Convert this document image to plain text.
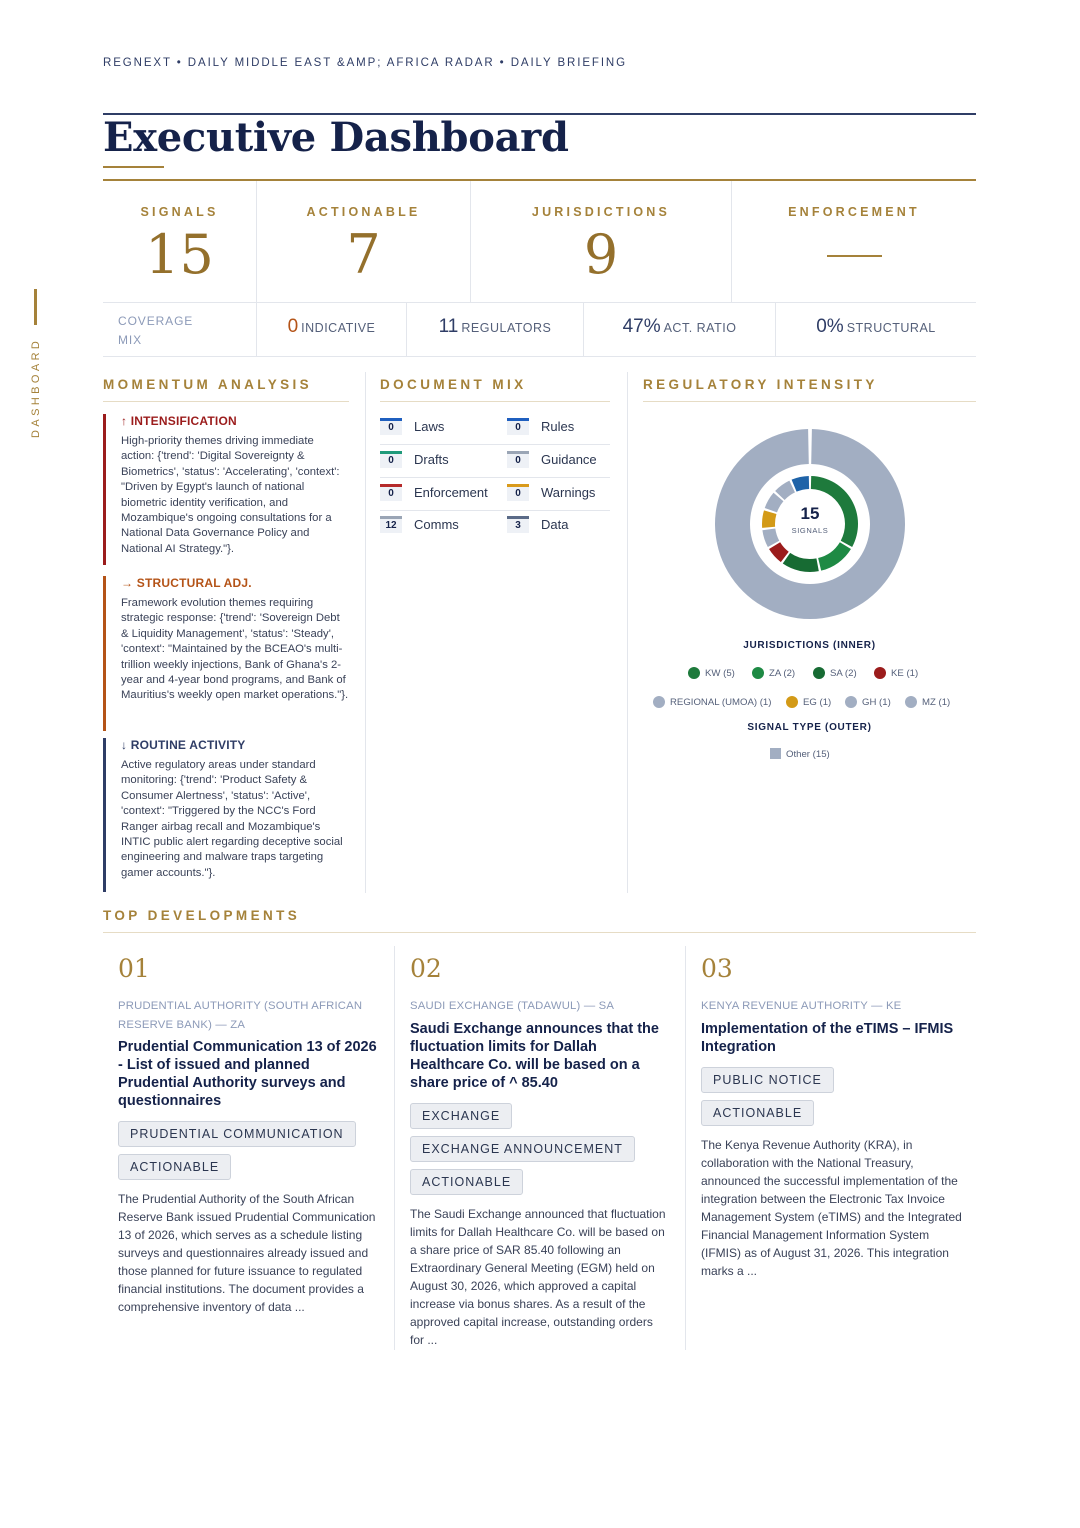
REGNEXT • DAILY MIDDLE EAST &AMP; AFRICA RADAR • DAILY BRIEFING
Executive Dashboard
DASHBOARD
SIGNALS
15
ACTIONABLE
7
JURISDICTIONS
9
ENFORCEMENT
COVERAGE MIX
0 INDICATIVE	11 REGULATORS	47% ACT. RATIO	0% STRUCTURAL
MOMENTUM ANALYSIS
↑ INTENSIFICATION
High-priority themes driving immediate action: {'trend': 'Digital Sovereignty & Biometrics', 'status': 'Accelerating', 'context': "Driven by Egypt's launch of national biometric identity verification, and Mozambique's ongoing consultations for a National Data Governance Policy and National AI Strategy."}.
→ STRUCTURAL ADJ.
Framework evolution themes requiring strategic response: {'trend': 'Sovereign Debt & Liquidity Management', 'status': 'Steady', 'context': "Maintained by the BCEAO's multi-trillion weekly injections, Bank of Ghana's 2-year and 4-year bond programs, and Bank of Mauritius's weekly open market operations."}.
↓ ROUTINE ACTIVITY
Active regulatory areas under standard monitoring: {'trend': 'Product Safety & Consumer Alertness', 'status': 'Active', 'context': "Triggered by the NCC's Ford Ranger airbag recall and Mozambique's INTIC public alert regarding deceptive social engineering and malware traps targeting gamer accounts."}.
DOCUMENT MIX
0	Laws	0	Rules
0	Drafts	0	Guidance
0	Enforcement	0	Warnings
12	Comms	3	Data
REGULATORY INTENSITY
15
SIGNALS
JURISDICTIONS (INNER)
KW (5)	ZA (2)	SA (2)	KE (1)
REGIONAL (UMOA) (1)	EG (1)	GH (1)	MZ (1)
SIGNAL TYPE (OUTER)
Other (15)
TOP DEVELOPMENTS
01
PRUDENTIAL AUTHORITY (SOUTH AFRICAN RESERVE BANK) — ZA
Prudential Communication 13 of 2026 - List of issued and planned Prudential Authority surveys and questionnaires
PRUDENTIAL COMMUNICATION
ACTIONABLE
The Prudential Authority of the South African Reserve Bank issued Prudential Communication 13 of 2026, which serves as a schedule listing surveys and questionnaires already issued and those planned for future issuance to regulated financial institutions. The document provides a comprehensive inventory of data ...
02
SAUDI EXCHANGE (TADAWUL) — SA
Saudi Exchange announces that the fluctuation limits for Dallah Healthcare Co. will be based on a share price of ^ 85.40
EXCHANGE
EXCHANGE ANNOUNCEMENT
ACTIONABLE
The Saudi Exchange announced that fluctuation limits for Dallah Healthcare Co. will be based on a share price of SAR 85.40 following an Extraordinary General Meeting (EGM) held on August 30, 2026, which approved a capital increase via bonus shares. As a result of the approved capital increase, outstanding orders for ...
03
KENYA REVENUE AUTHORITY — KE
Implementation of the eTIMS – IFMIS Integration
PUBLIC NOTICE
ACTIONABLE
The Kenya Revenue Authority (KRA), in collaboration with the National Treasury, announced the successful implementation of the integration between the Electronic Tax Invoice Management System (eTIMS) and the Integrated Financial Management Information System (IFMIS) as of August 31, 2026. This integration marks a ...
